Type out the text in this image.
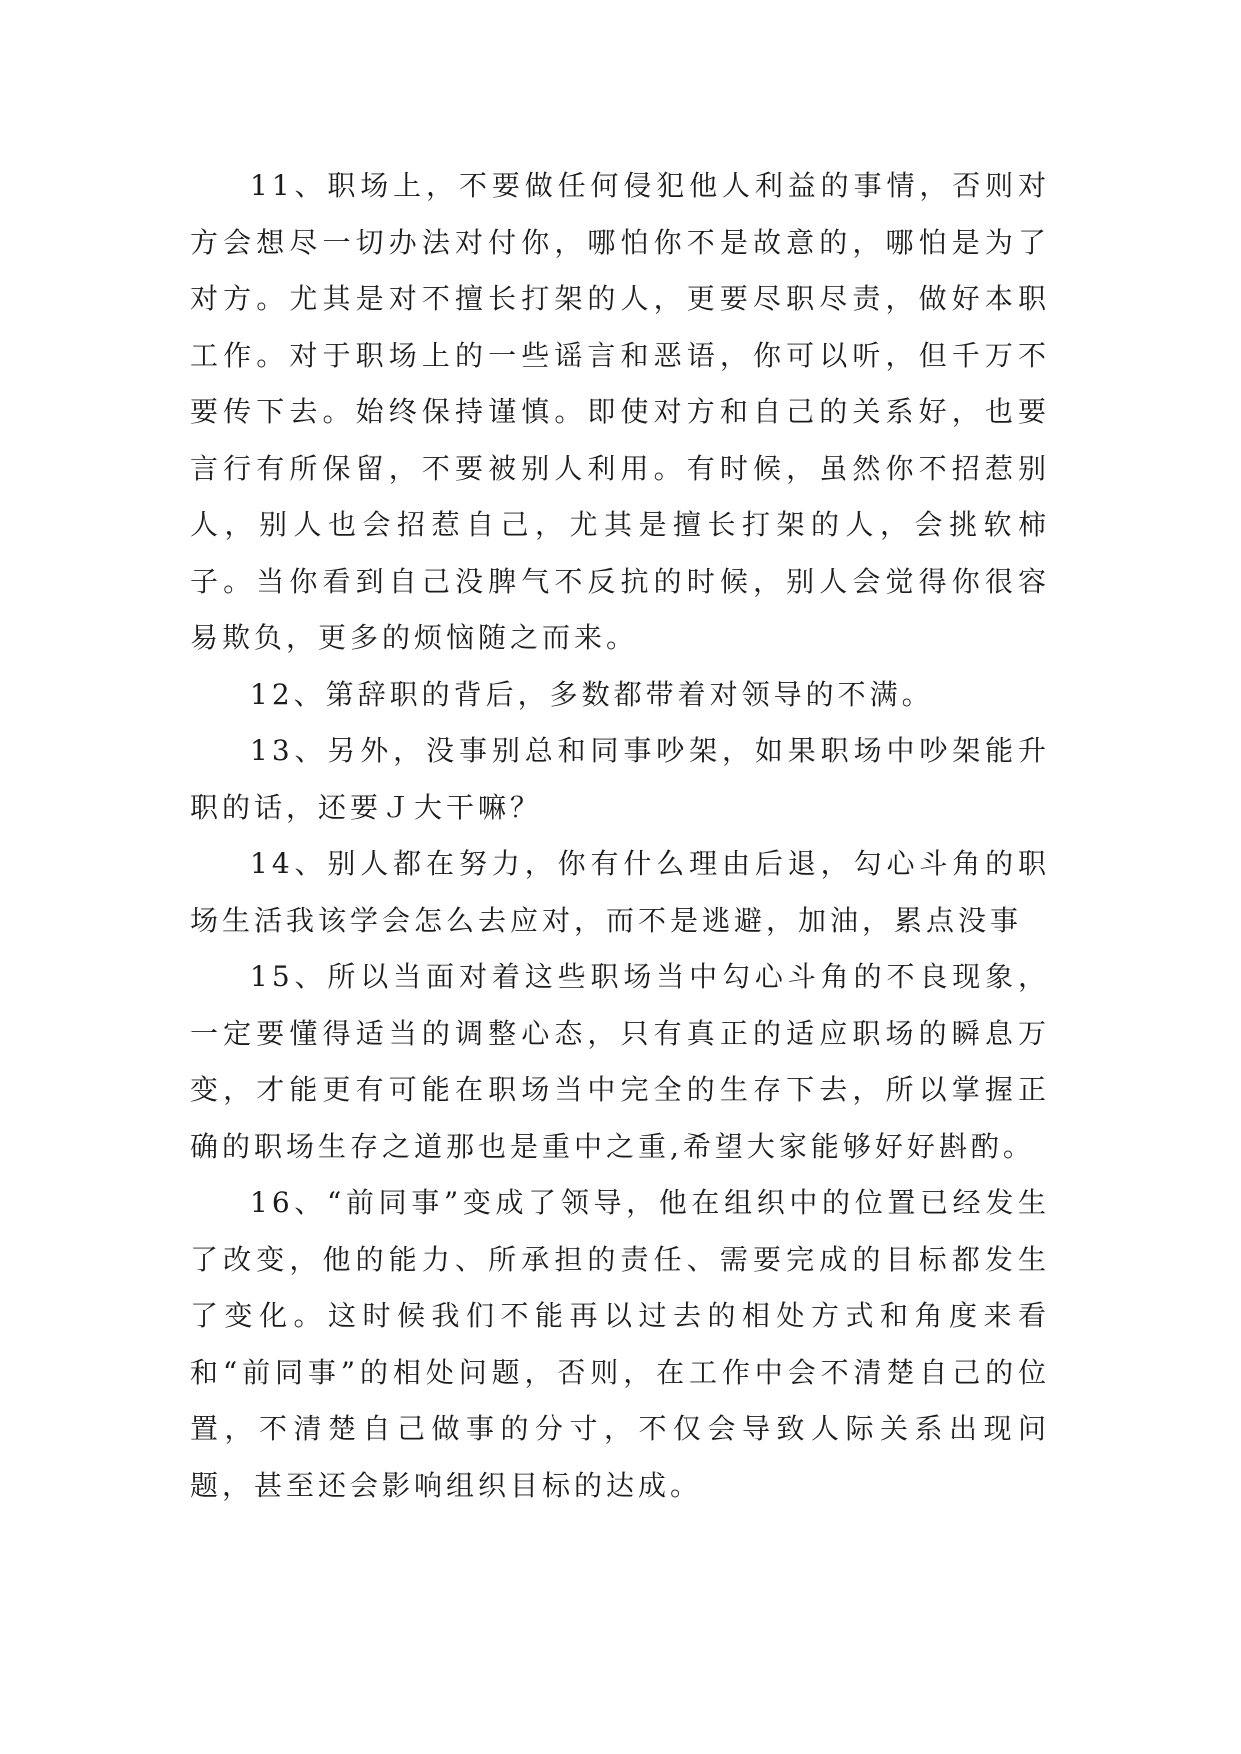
11、职场上，不要做任何侵犯他人利益的事情，否则对方会想尽一切办法对付你，哪怕你不是故意的，哪怕是为了对方。尤其是对不擅长打架的人，更要尽职尽责，做好本职工作。对于职场上的一些谣言和恶语，你可以听，但千万不要传下去。始终保持谨慎。即使对方和自己的关系好，也要言行有所保留，不要被别人利用。有时候，虽然你不招惹别人，别人也会招惹自己，尤其是擅长打架的人，会挑软柿子。当你看到自己没脾气不反抗的时候，别人会觉得你很容易欺负，更多的烦恼随之而来。

12、第辞职的背后，多数都带着对领导的不满。

13、另外，没事别总和同事吵架，如果职场中吵架能升职的话，还要Ｊ大干嘛？

14、别人都在努力，你有什么理由后退，勾心斗角的职场生活我该学会怎么去应对，而不是逃避，加油，累点没事

15、所以当面对着这些职场当中勾心斗角的不良现象，一定要懂得适当的调整心态，只有真正的适应职场的瞬息万变，才能更有可能在职场当中完全的生存下去，所以掌握正确的职场生存之道那也是重中之重,希望大家能够好好斟酌。

16、“前同事”变成了领导，他在组织中的位置已经发生了改变，他的能力、所承担的责任、需要完成的目标都发生了变化。这时候我们不能再以过去的相处方式和角度来看和“前同事”的相处问题，否则，在工作中会不清楚自己的位置，不清楚自己做事的分寸，不仅会导致人际关系出现问题，甚至还会影响组织目标的达成。
